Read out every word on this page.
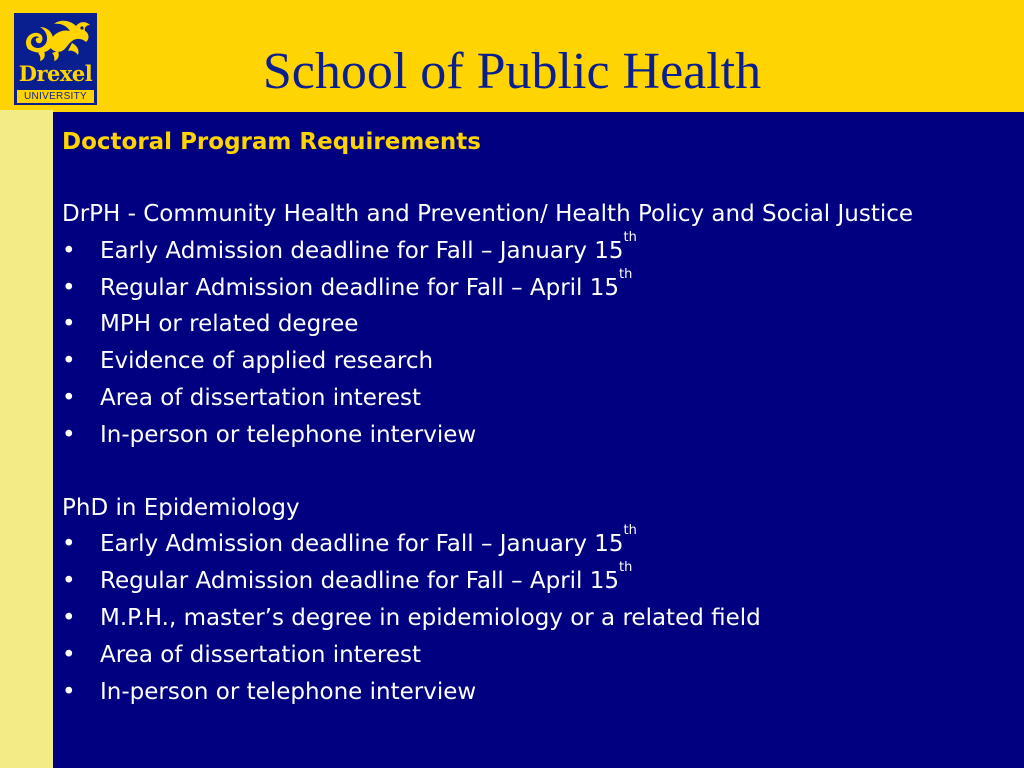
Drexel
UNIVERSITY	School of Public Health
Doctoral Program Requirements
DrPH - Community Health and Prevention/ Health Policy and Social Justice
• Early Admission deadline for Fall – January 15th
• Regular Admission deadline for Fall – April 15th
• MPH or related degree
• Evidence of applied research
• Area of dissertation interest
• In-person or telephone interview
PhD in Epidemiology
• Early Admission deadline for Fall – January 15th
• Regular Admission deadline for Fall – April 15th
• M.P.H., master’s degree in epidemiology or a related field
• Area of dissertation interest
• In-person or telephone interview
